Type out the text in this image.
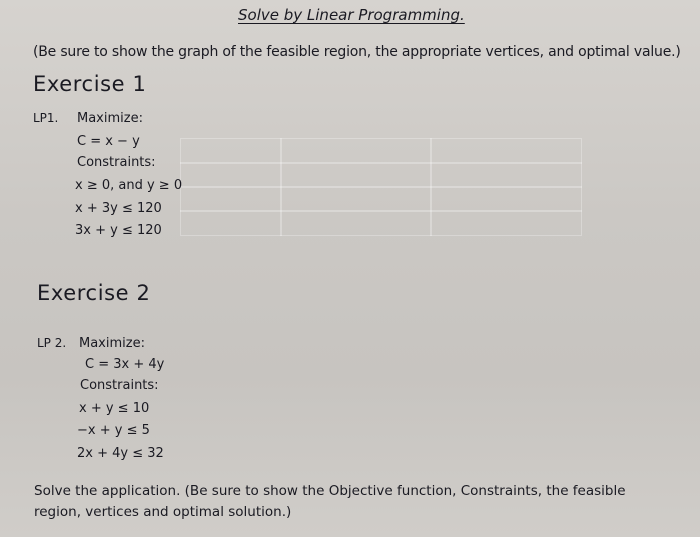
Solve by Linear Programming.
(Be sure to show the graph of the feasible region, the appropriate vertices, and optimal value.)
Exercise 1
LP1. Maximize:
C = x − y
Constraints:
x ≥ 0, and y ≥ 0
x + 3y ≤ 120
3x + y ≤ 120
Exercise 2
LP 2. Maximize:
C = 3x + 4y
Constraints:
x + y ≤ 10
−x + y ≤ 5
2x + 4y ≤ 32
Solve the application. (Be sure to show the Objective function, Constraints, the feasible region, vertices and optimal solution.)
